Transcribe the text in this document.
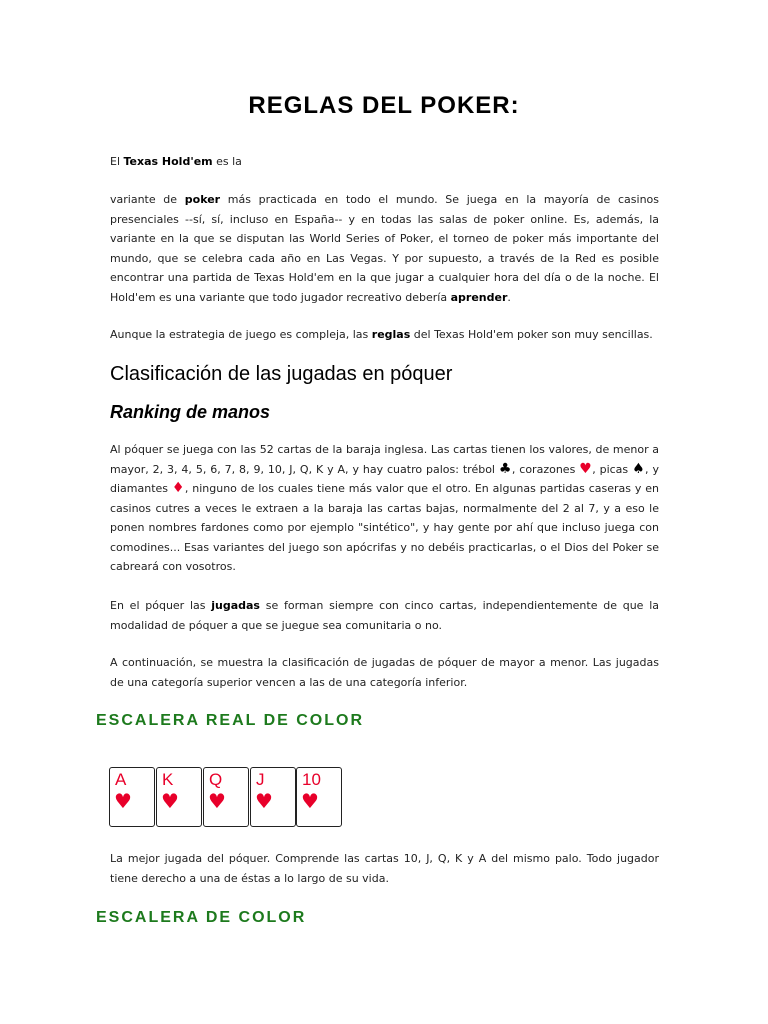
REGLAS DEL POKER:
El Texas Hold'em es la
variante de poker más practicada en todo el mundo. Se juega en la mayoría de casinos presenciales --sí, sí, incluso en España-- y en todas las salas de poker online. Es, además, la variante en la que se disputan las World Series of Poker, el torneo de poker más importante del mundo, que se celebra cada año en Las Vegas. Y por supuesto, a través de la Red es posible encontrar una partida de Texas Hold'em en la que jugar a cualquier hora del día o de la noche. El Hold'em es una variante que todo jugador recreativo debería aprender.
Aunque la estrategia de juego es compleja, las reglas del Texas Hold'em poker son muy sencillas.
Clasificación de las jugadas en póquer
Ranking de manos
Al póquer se juega con las 52 cartas de la baraja inglesa. Las cartas tienen los valores, de menor a mayor, 2, 3, 4, 5, 6, 7, 8, 9, 10, J, Q, K y A, y hay cuatro palos: trébol ♣, corazones ♥, picas ♠, y diamantes ♦, ninguno de los cuales tiene más valor que el otro. En algunas partidas caseras y en casinos cutres a veces le extraen a la baraja las cartas bajas, normalmente del 2 al 7, y a eso le ponen nombres fardones como por ejemplo "sintético", y hay gente por ahí que incluso juega con comodines... Esas variantes del juego son apócrifas y no debéis practicarlas, o el Dios del Poker se cabreará con vosotros.
En el póquer las jugadas se forman siempre con cinco cartas, independientemente de que la modalidad de póquer a que se juegue sea comunitaria o no.
A continuación, se muestra la clasificación de jugadas de póquer de mayor a menor. Las jugadas de una categoría superior vencen a las de una categoría inferior.
ESCALERA REAL DE COLOR
A
♥
K
♥
Q
♥
J
♥
10
♥
La mejor jugada del póquer. Comprende las cartas 10, J, Q, K y A del mismo palo. Todo jugador tiene derecho a una de éstas a lo largo de su vida.
ESCALERA DE COLOR
